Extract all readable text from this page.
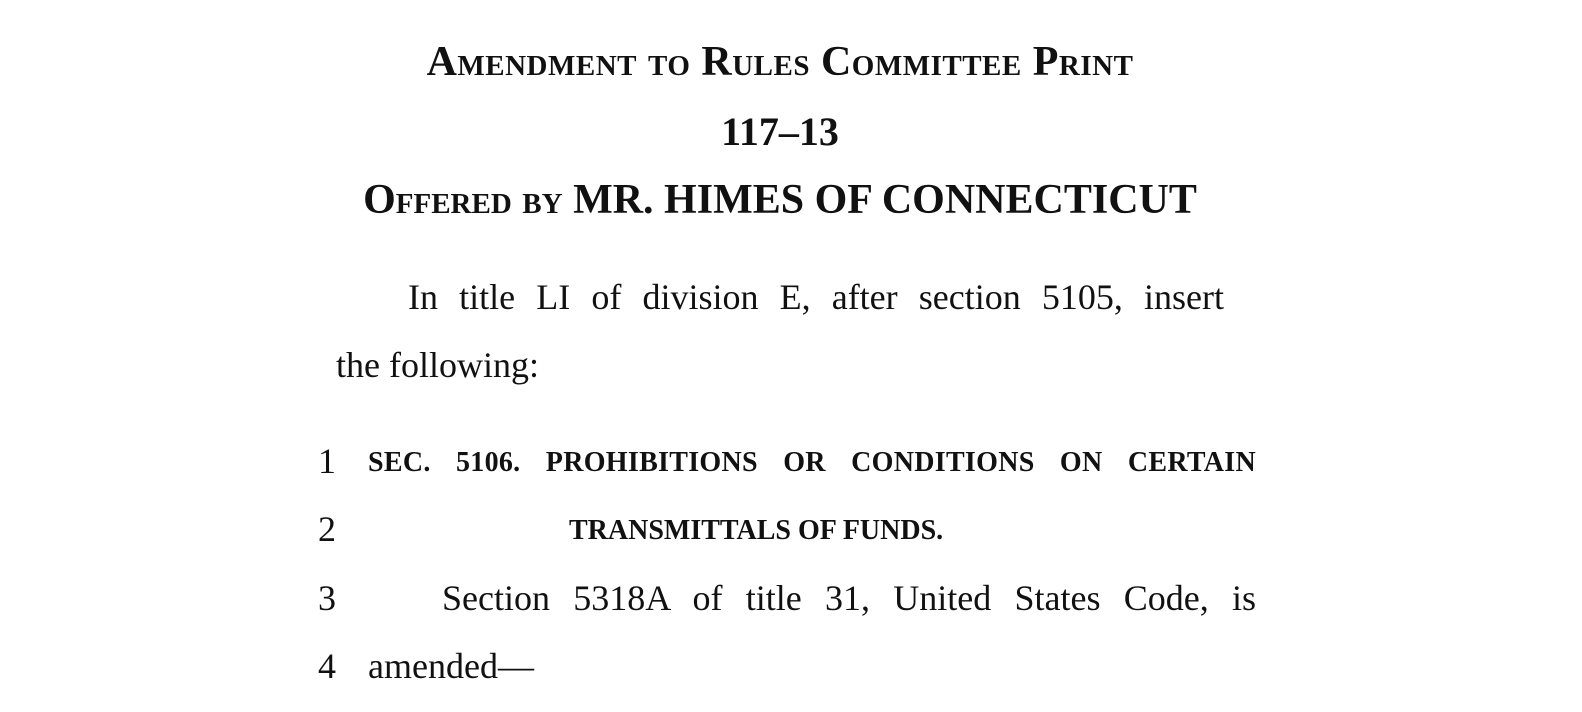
Amendment to Rules Committee Print
117–13
Offered by MR. HIMES OF CONNECTICUT
In title LI of division E, after section 5105, insert
the following:
1 SEC. 5106. PROHIBITIONS OR CONDITIONS ON CERTAIN
2	TRANSMITTALS OF FUNDS.
3	Section 5318A of title 31, United States Code, is
4 amended—
